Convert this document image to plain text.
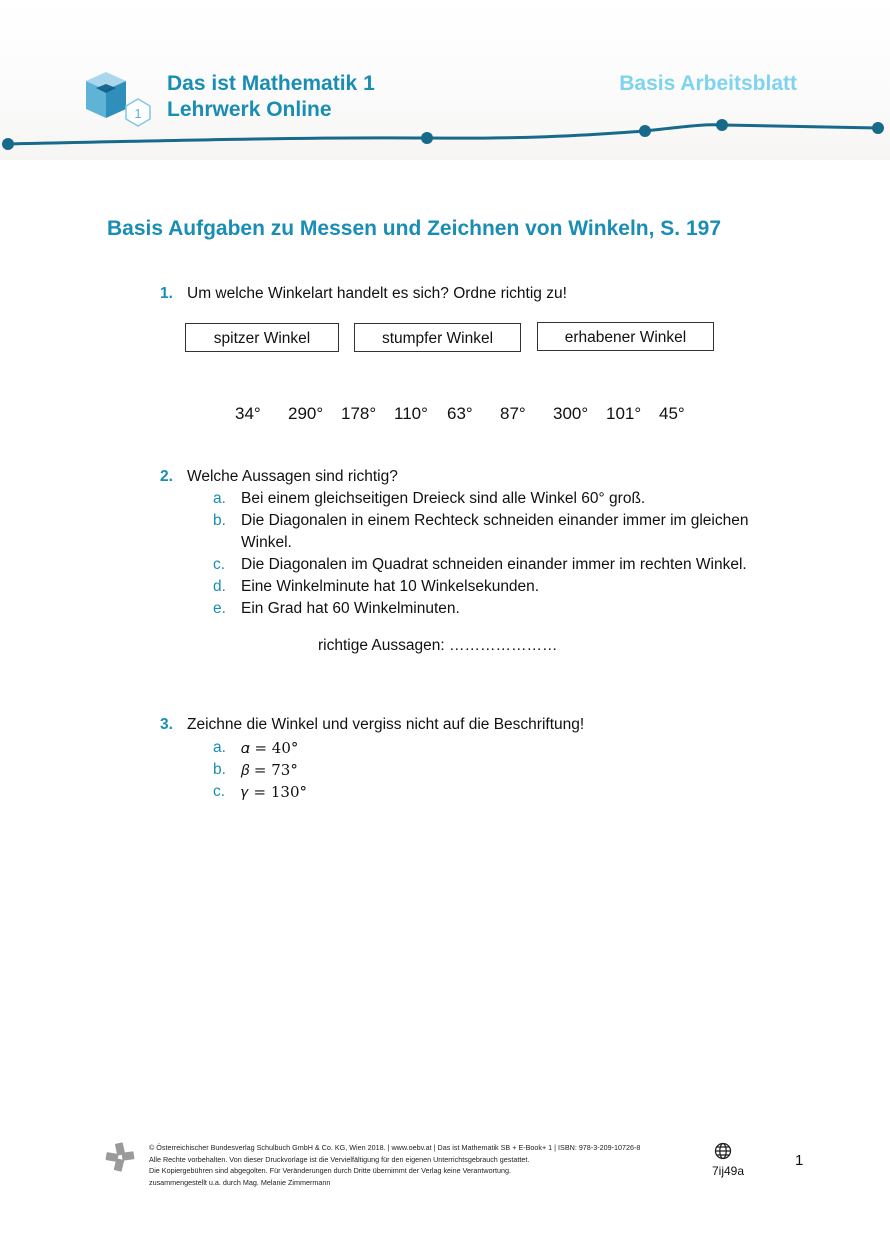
1
Das ist Mathematik 1
Lehrwerk Online
Basis Arbeitsblatt
Basis Aufgaben zu Messen und Zeichnen von Winkeln, S. 197
1. Um welche Winkelart handelt es sich? Ordne richtig zu!
spitzer Winkel	stumpfer Winkel	erhabener Winkel
34° 290° 178° 110° 63° 87° 300° 101° 45°
2. Welche Aussagen sind richtig?
a. Bei einem gleichseitigen Dreieck sind alle Winkel 60° groß.
b. Die Diagonalen in einem Rechteck schneiden einander immer im gleichen
Winkel.
c. Die Diagonalen im Quadrat schneiden einander immer im rechten Winkel.
d. Eine Winkelminute hat 10 Winkelsekunden.
e. Ein Grad hat 60 Winkelminuten.
richtige Aussagen: …………………
3. Zeichne die Winkel und vergiss nicht auf die Beschriftung!
a. 𝛼 = 40°
b. 𝛽 = 73°
c. 𝛾 = 130°
© Österreichischer Bundesverlag Schulbuch GmbH & Co. KG, Wien 2018. | www.oebv.at | Das ist Mathematik SB + E-Book+ 1 | ISBN: 978-3-209-10726-8
Alle Rechte vorbehalten. Von dieser Druckvorlage ist die Vervielfältigung für den eigenen Unterrichtsgebrauch gestattet.
Die Kopiergebühren sind abgegolten. Für Veränderungen durch Dritte übernimmt der Verlag keine Verantwortung.
zusammengestellt u.a. durch Mag. Melanie Zimmermann
7ij49a
1
